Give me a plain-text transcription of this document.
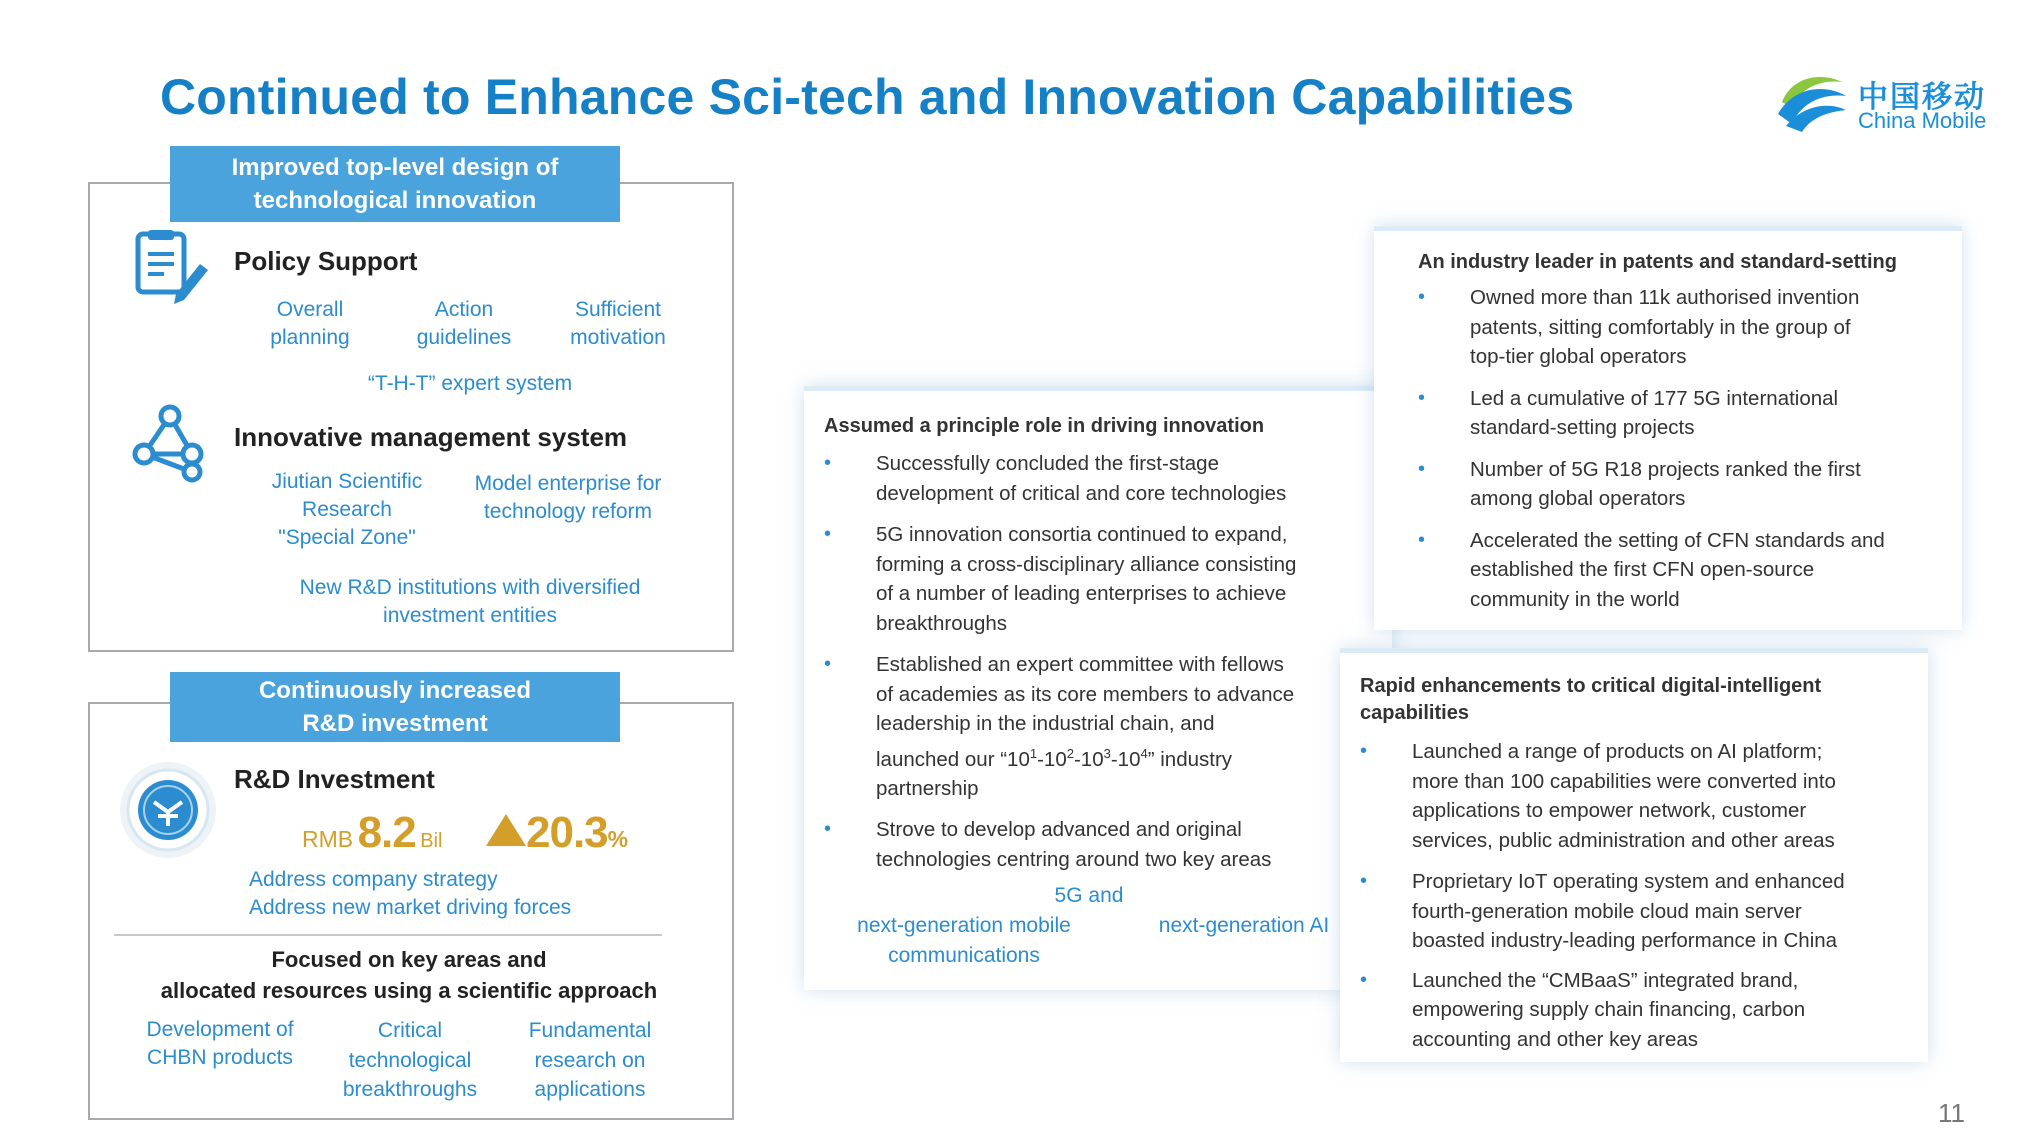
Continued to Enhance Sci-tech and Innovation Capabilities	中国移动
China Mobile
Improved top-level design of
technological innovation
Policy Support
Overall
planning
Action
guidelines
Sufficient
motivation
“T-H-T” expert system
Innovative management system
Jiutian Scientific
Research
"Special Zone"
Model enterprise for
technology reform
New R&D institutions with diversified
investment entities
Continuously increased
R&D investment
R&D Investment
RMB 8.2 Bil 20.3%
Address company strategy
Address new market driving forces
Focused on key areas and
allocated resources using a scientific approach
Development of
CHBN products
Critical
technological
breakthroughs
Fundamental
research on
applications
Assumed a principle role in driving innovation
• Successfully concluded the first-stage
development of critical and core technologies
• 5G innovation consortia continued to expand,
forming a cross-disciplinary alliance consisting
of a number of leading enterprises to achieve
breakthroughs
• Established an expert committee with fellows
of academies as its core members to advance
leadership in the industrial chain, and
launched our “$10^1-10^2-10^3-10^4$” industry
partnership
• Strove to develop advanced and original
technologies centring around two key areas
5G and
next-generation mobile
communications
next-generation AI
An industry leader in patents and standard-setting
• Owned more than 11k authorised invention
patents, sitting comfortably in the group of
top-tier global operators
• Led a cumulative of 177 5G international
standard-setting projects
• Number of 5G R18 projects ranked the first
among global operators
• Accelerated the setting of CFN standards and
established the first CFN open-source
community in the world
Rapid enhancements to critical digital-intelligent
capabilities
• Launched a range of products on AI platform;
more than 100 capabilities were converted into
applications to empower network, customer
services, public administration and other areas
• Proprietary IoT operating system and enhanced
fourth-generation mobile cloud main server
boasted industry-leading performance in China
• Launched the “CMBaaS” integrated brand,
empowering supply chain financing, carbon
accounting and other key areas
11
